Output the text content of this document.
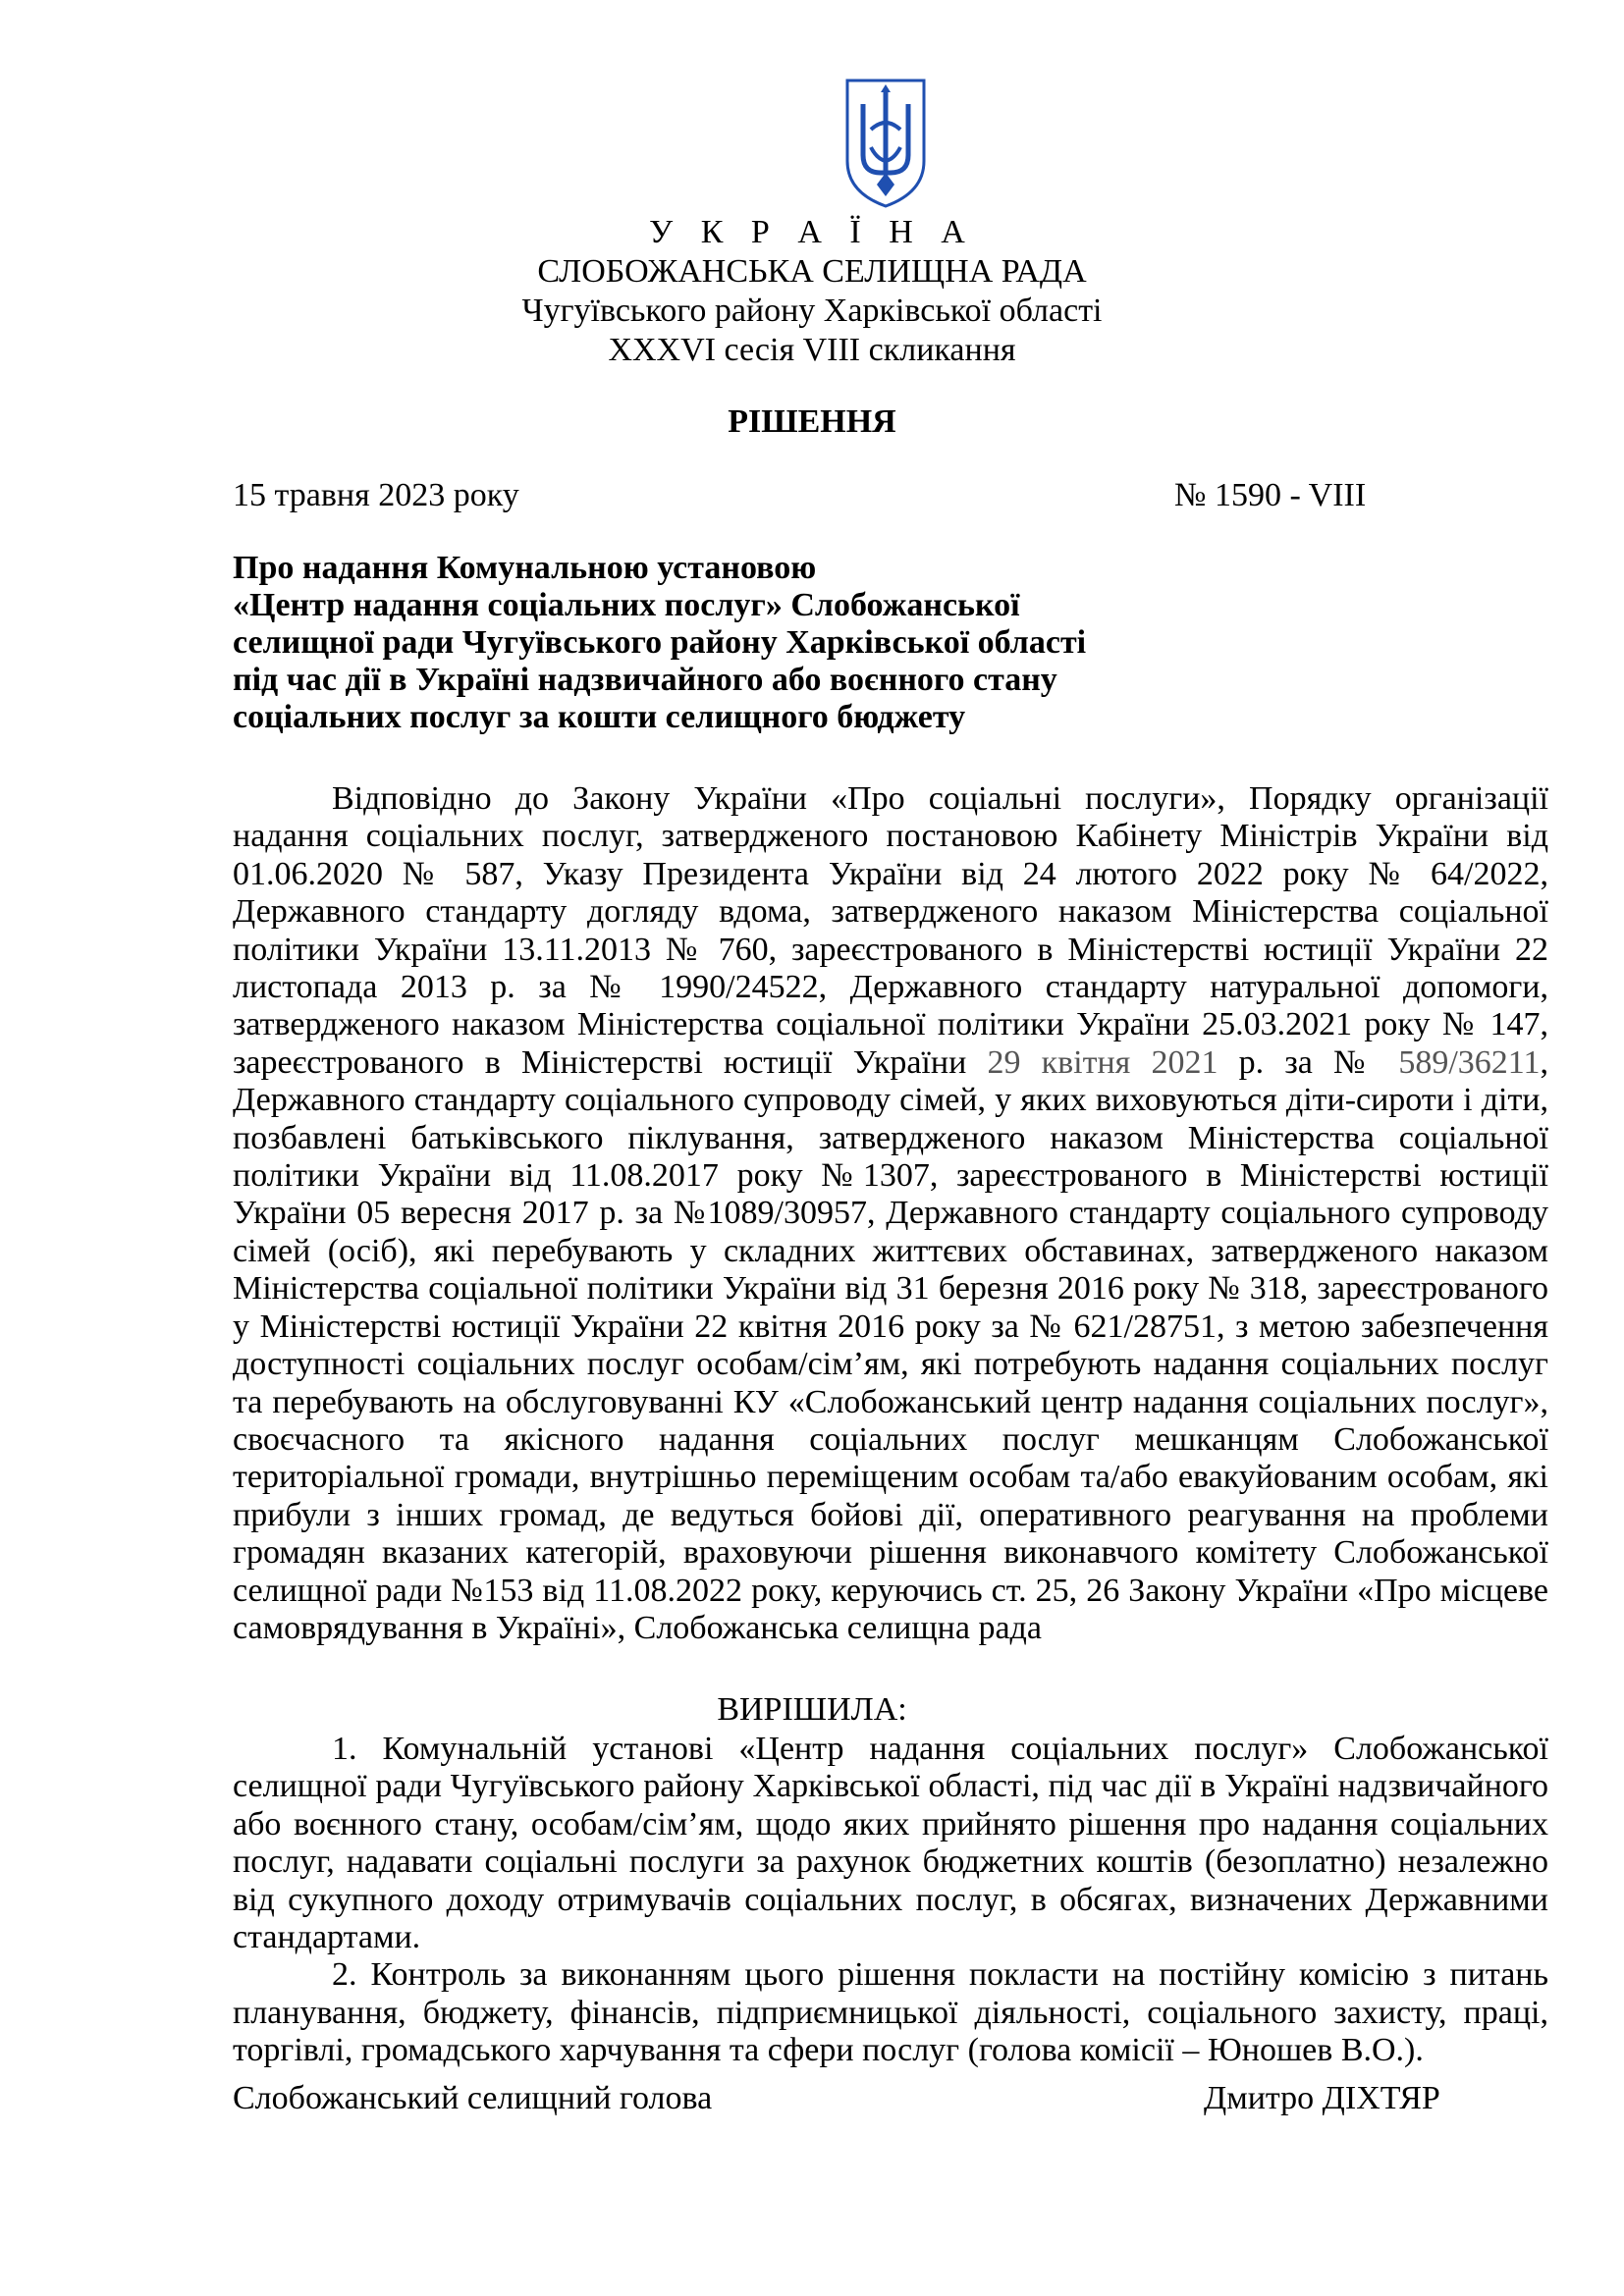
У К Р А Ї Н А
СЛОБОЖАНСЬКА СЕЛИЩНА РАДА
Чугуївського району Харківської області
XXXVI сесія VIII скликання
РІШЕННЯ
15 травня 2023 року	№ 1590 - VIII
Про надання Комунальною установою
«Центр надання соціальних послуг» Слобожанської
селищної ради Чугуївського району Харківської області
під час дії в Україні надзвичайного або воєнного стану
соціальних послуг за кошти селищного бюджету

Відповідно до Закону України «Про соціальні послуги», Порядку організації надання соціальних послуг, затвердженого постановою Кабінету Міністрів України від 01.06.2020 № 587, Указу Президента України від 24 лютого 2022 року № 64/2022, Державного стандарту догляду вдома, затвердженого наказом Міністерства соціальної політики України 13.11.2013 № 760, зареєстрованого в Міністерстві юстиції України 22 листопада 2013 р. за № 1990/24522, Державного стандарту натуральної допомоги, затвердженого наказом Міністерства соціальної політики України 25.03.2021 року № 147, зареєстрованого в Міністерстві юстиції України 29 квітня 2021 р. за № 589/36211, Державного стандарту соціального супроводу сімей, у яких виховуються діти-сироти і діти, позбавлені батьківського піклування, затвердженого наказом Міністерства соціальної політики України від 11.08.2017 року №1307, зареєстрованого в Міністерстві юстиції України 05 вересня 2017 р. за №1089/30957, Державного стандарту соціального супроводу сімей (осіб), які перебувають у складних життєвих обставинах, затвердженого наказом Міністерства соціальної політики України від 31 березня 2016 року № 318, зареєстрованого у Міністерстві юстиції України 22 квітня 2016 року за № 621/28751, з метою забезпечення доступності соціальних послуг особам/сім’ям, які потребують надання соціальних послуг та перебувають на обслуговуванні КУ «Слобожанський центр надання соціальних послуг», своєчасного та якісного надання соціальних послуг мешканцям Слобожанської територіальної громади, внутрішньо переміщеним особам та/або евакуйованим особам, які прибули з інших громад, де ведуться бойові дії, оперативного реагування на проблеми громадян вказаних категорій, враховуючи рішення виконавчого комітету Слобожанської селищної ради №153 від 11.08.2022 року, керуючись ст. 25, 26 Закону України «Про місцеве самоврядування в Україні», Слобожанська селищна рада

ВИРІШИЛА:

1. Комунальній установі «Центр надання соціальних послуг» Слобожанської селищної ради Чугуївського району Харківської області, під час дії в Україні надзвичайного або воєнного стану, особам/сім’ям, щодо яких прийнято рішення про надання соціальних послуг, надавати соціальні послуги за рахунок бюджетних коштів (безоплатно) незалежно від сукупного доходу отримувачів соціальних послуг, в обсягах, визначених Державними стандартами.

2. Контроль за виконанням цього рішення покласти на постійну комісію з питань планування, бюджету, фінансів, підприємницької діяльності, соціального захисту, праці, торгівлі, громадського харчування та сфери послуг (голова комісії – Юношев В.О.).

Слобожанський селищний голова	Дмитро ДІХТЯР
